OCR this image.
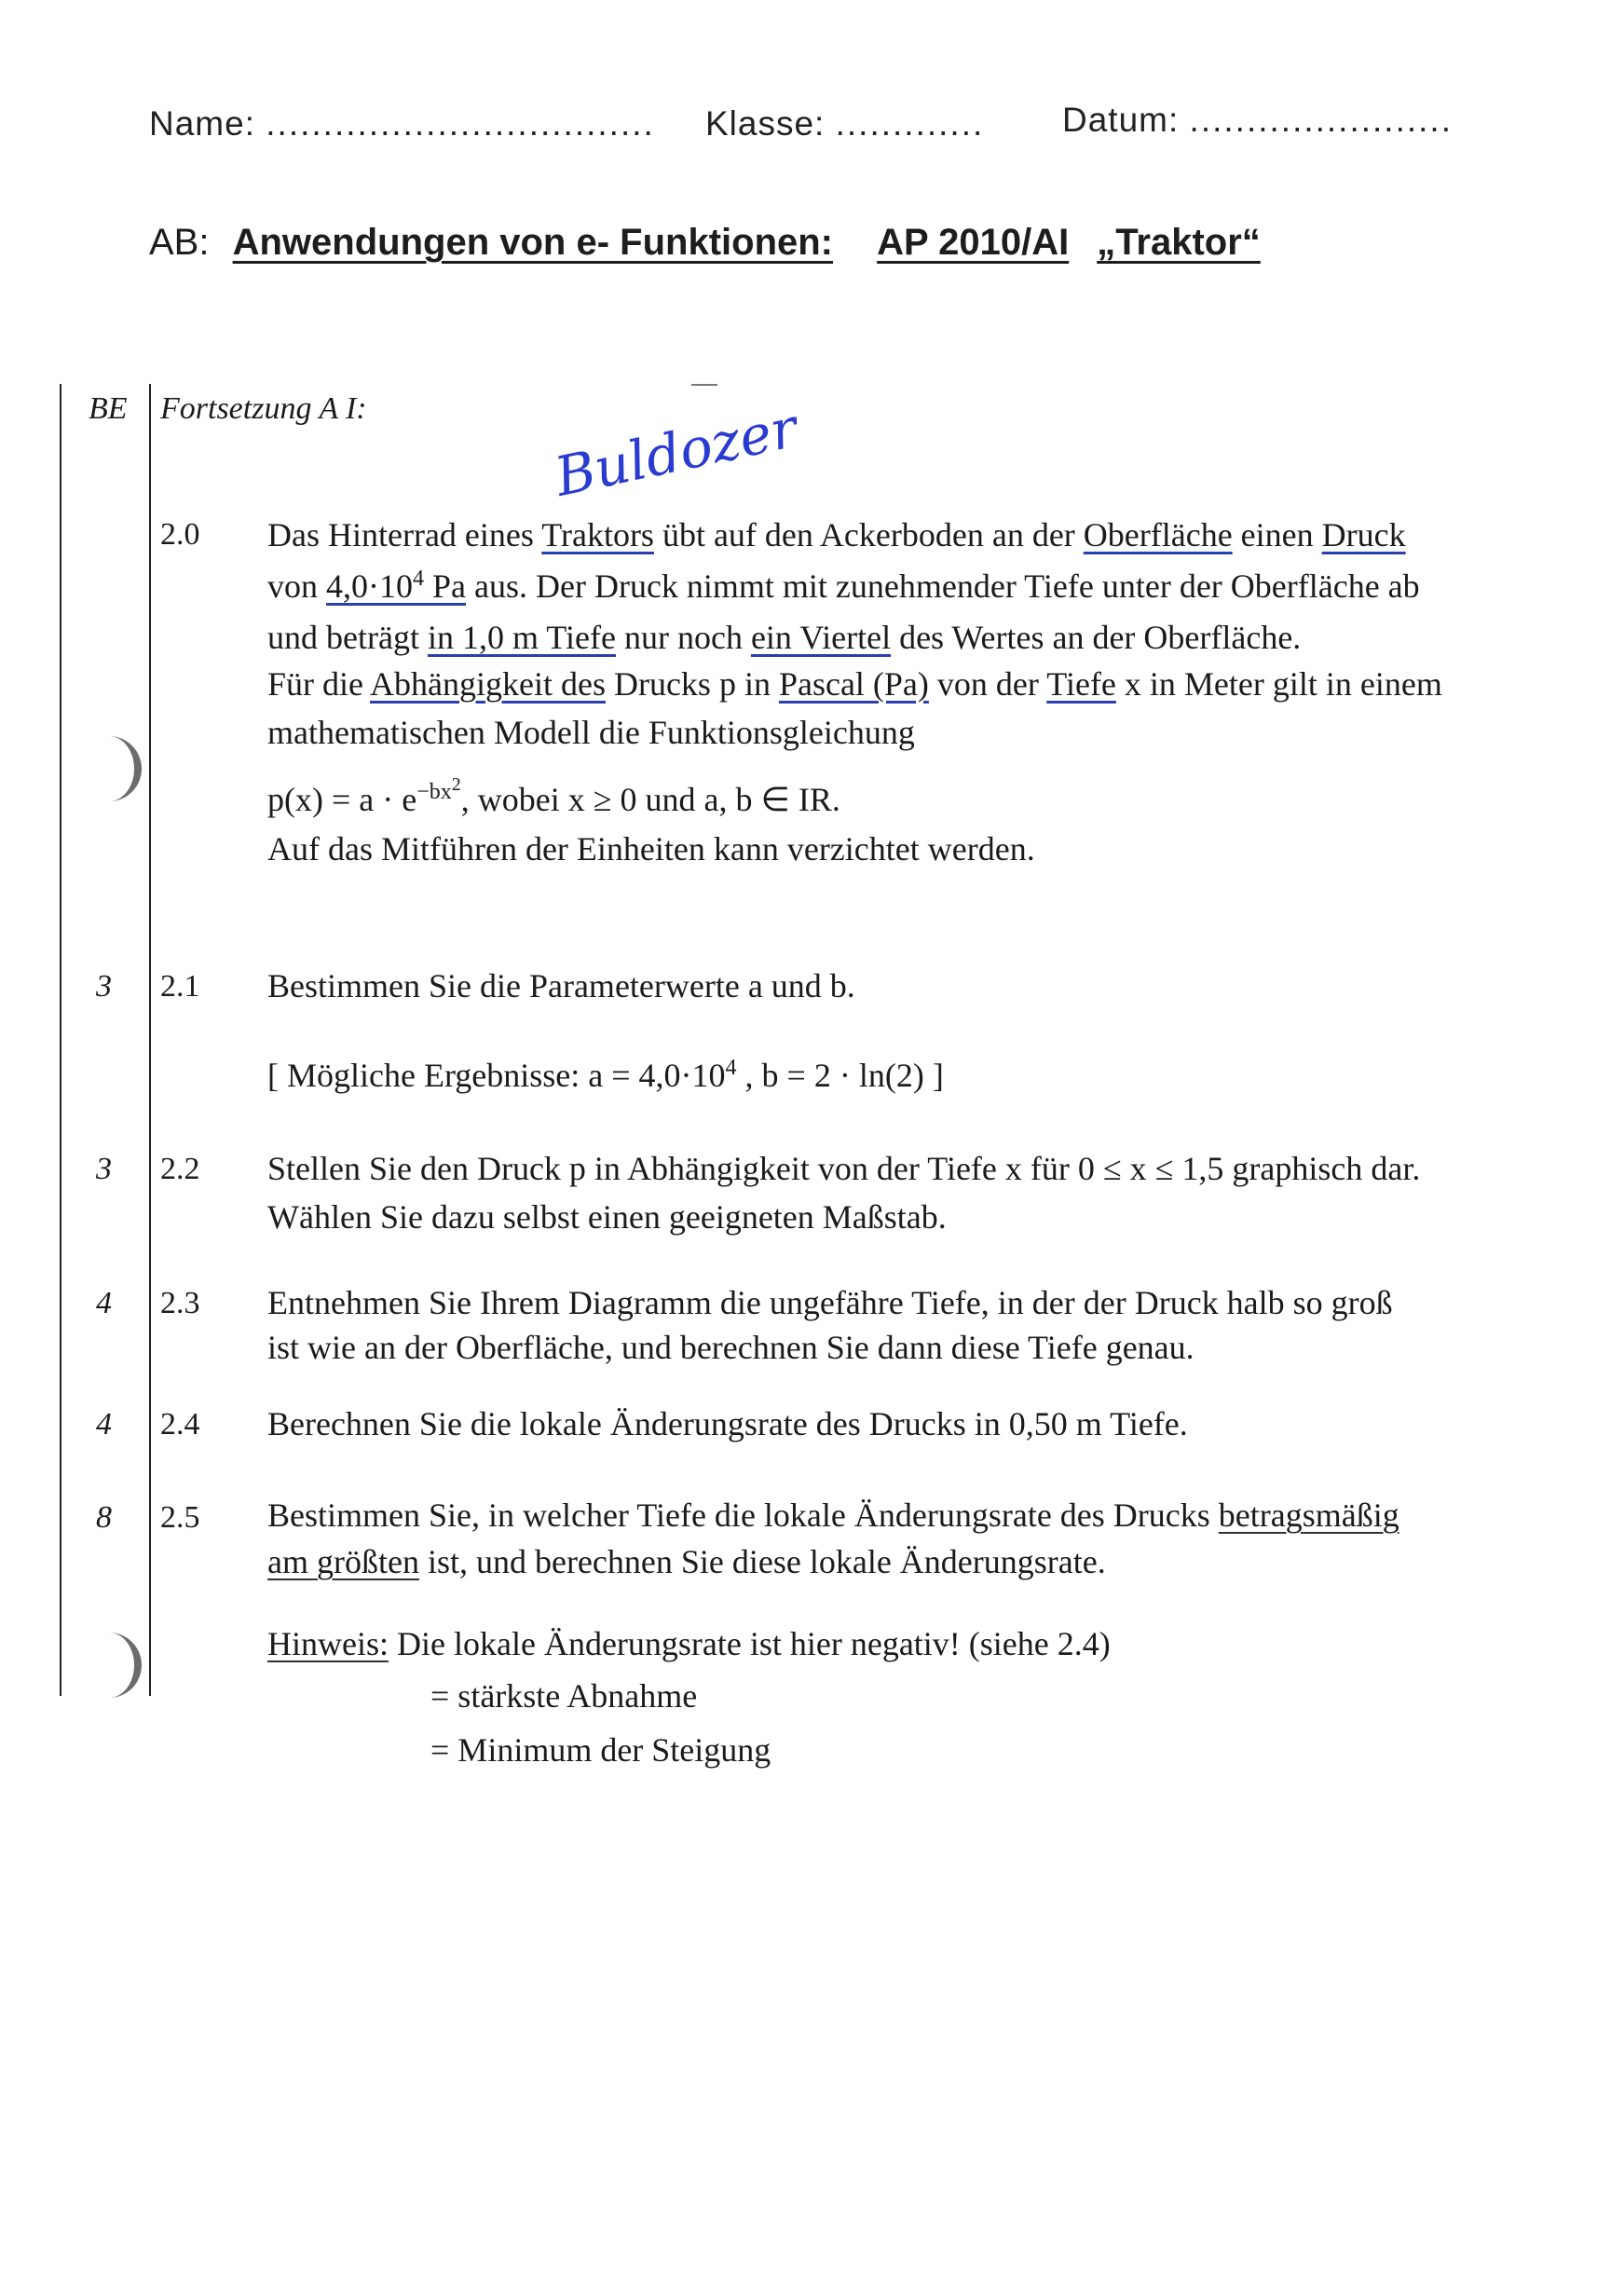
Name: .................................. Klasse: ............. Datum: .......................
AB: Anwendungen von e- Funktionen: AP 2010/AI „Traktor“
BE Fortsetzung A I:	Buldozer
2.0 Das Hinterrad eines Traktors übt auf den Ackerboden an der Oberfläche einen Druck
von $4,0\cdot 10^4$ Pa aus. Der Druck nimmt mit zunehmender Tiefe unter der Oberfläche ab
und beträgt in 1,0 m Tiefe nur noch ein Viertel des Wertes an der Oberfläche.
Für die Abhängigkeit des Drucks p in Pascal (Pa) von der Tiefe x in Meter gilt in einem
mathematischen Modell die Funktionsgleichung
$p(x) = a \cdot e^{-bx^2}$, wobei x ≥ 0 und a, b ∈ IR.
Auf das Mitführen der Einheiten kann verzichtet werden.
3 2.1 Bestimmen Sie die Parameterwerte a und b.
[ Mögliche Ergebnisse: $a = 4,0\cdot 10^4$ , b = 2 · ln(2) ]
3 2.2 Stellen Sie den Druck p in Abhängigkeit von der Tiefe x für 0 ≤ x ≤ 1,5 graphisch dar.
Wählen Sie dazu selbst einen geeigneten Maßstab.
4 2.3 Entnehmen Sie Ihrem Diagramm die ungefähre Tiefe, in der der Druck halb so groß
ist wie an der Oberfläche, und berechnen Sie dann diese Tiefe genau.
4 2.4 Berechnen Sie die lokale Änderungsrate des Drucks in 0,50 m Tiefe.
8 2.5 Bestimmen Sie, in welcher Tiefe die lokale Änderungsrate des Drucks betragsmäßig
am größten ist, und berechnen Sie diese lokale Änderungsrate.
Hinweis: Die lokale Änderungsrate ist hier negativ! (siehe 2.4)
= stärkste Abnahme
= Minimum der Steigung
